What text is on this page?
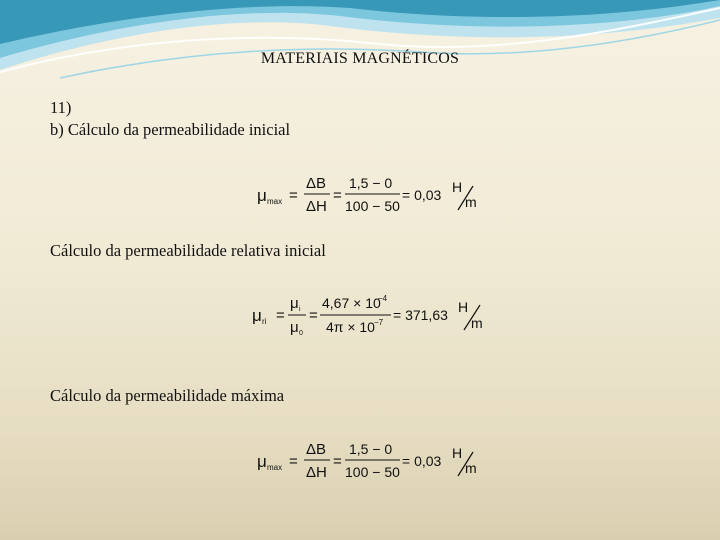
MATERIAIS MAGNÉTICOS
11)
b) Cálculo da permeabilidade inicial
μ max =
ΔB
ΔH
=
1,5 − 0
100 − 50
= 0,03 H
m
Cálculo da permeabilidade relativa inicial
μ ri =
μ i
μ 0
=
4,67 × 10
−4
4π × 10 −7 = 371,63 H
m
Cálculo da permeabilidade máxima
μ max =
ΔB
ΔH
=
1,5 − 0
100 − 50
= 0,03 H
m
